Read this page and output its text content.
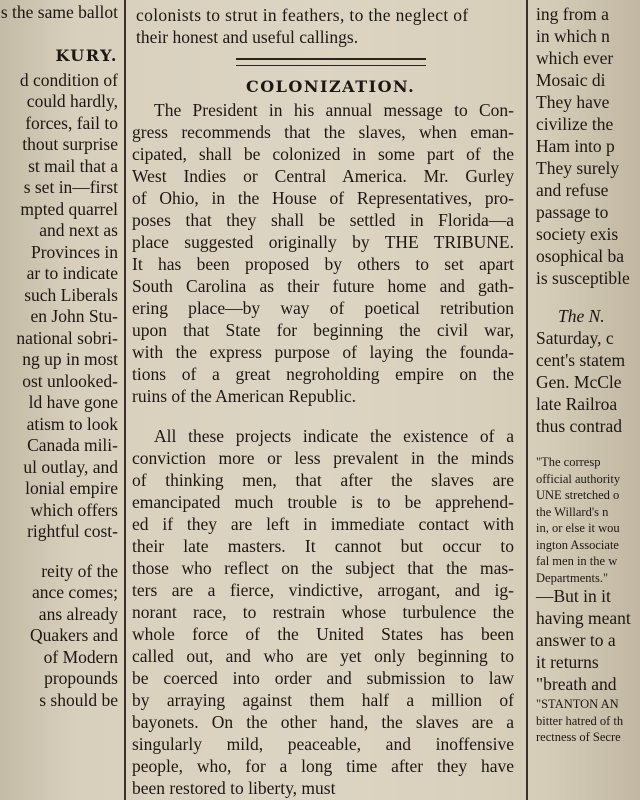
s the same ballot
KURY.
d condition of
could hardly,
forces, fail to
thout surprise
st mail that a
s set in—first
mpted quarrel
and next as
Provinces in
ar to indicate
such Liberals
en John Stu-
national sobri-
ng up in most
ost unlooked-
ld have gone
atism to look
Canada mili-
ul outlay, and
lonial empire
which offers
rightful cost-
reity of the
ance comes;
ans already
Quakers and
of Modern
propounds
s should be
colonists to strut in feathers, to the neglect of
their honest and useful callings.
COLONIZATION.
The President in his annual message to Con-
gress recommends that the slaves, when eman-
cipated, shall be colonized in some part of the
West Indies or Central America. Mr. Gurley
of Ohio, in the House of Representatives, pro-
poses that they shall be settled in Florida—a
place suggested originally by THE TRIBUNE.
It has been proposed by others to set apart
South Carolina as their future home and gath-
ering place—by way of poetical retribution
upon that State for beginning the civil war,
with the express purpose of laying the founda-
tions of a great negroholding empire on the
ruins of the American Republic.
All these projects indicate the existence of a
conviction more or less prevalent in the minds
of thinking men, that after the slaves are
emancipated much trouble is to be apprehend-
ed if they are left in immediate contact with
their late masters. It cannot but occur to
those who reflect on the subject that the mas-
ters are a fierce, vindictive, arrogant, and ig-
norant race, to restrain whose turbulence the
whole force of the United States has been
called out, and who are yet only beginning to
be coerced into order and submission to law
by arraying against them half a million of
bayonets. On the other hand, the slaves are a
singularly mild, peaceable, and inoffensive
people, who, for a long time after they have
been restored to liberty, must
ing from a
in which n
which ever
Mosaic di
They have
civilize the
Ham into p
They surely
and refuse
passage to
society exis
osophical ba
is susceptible
The N.
Saturday, c
cent's statem
Gen. McCle
late Railroa
thus contrad
"The corresp
official authority
UNE stretched o
the Willard's n
in, or else it wou
ington Associate
fal men in the w
Departments."
—But in it
having meant
answer to a
it returns
"breath and
"STANTON AN
bitter hatred of th
rectness of Secre
